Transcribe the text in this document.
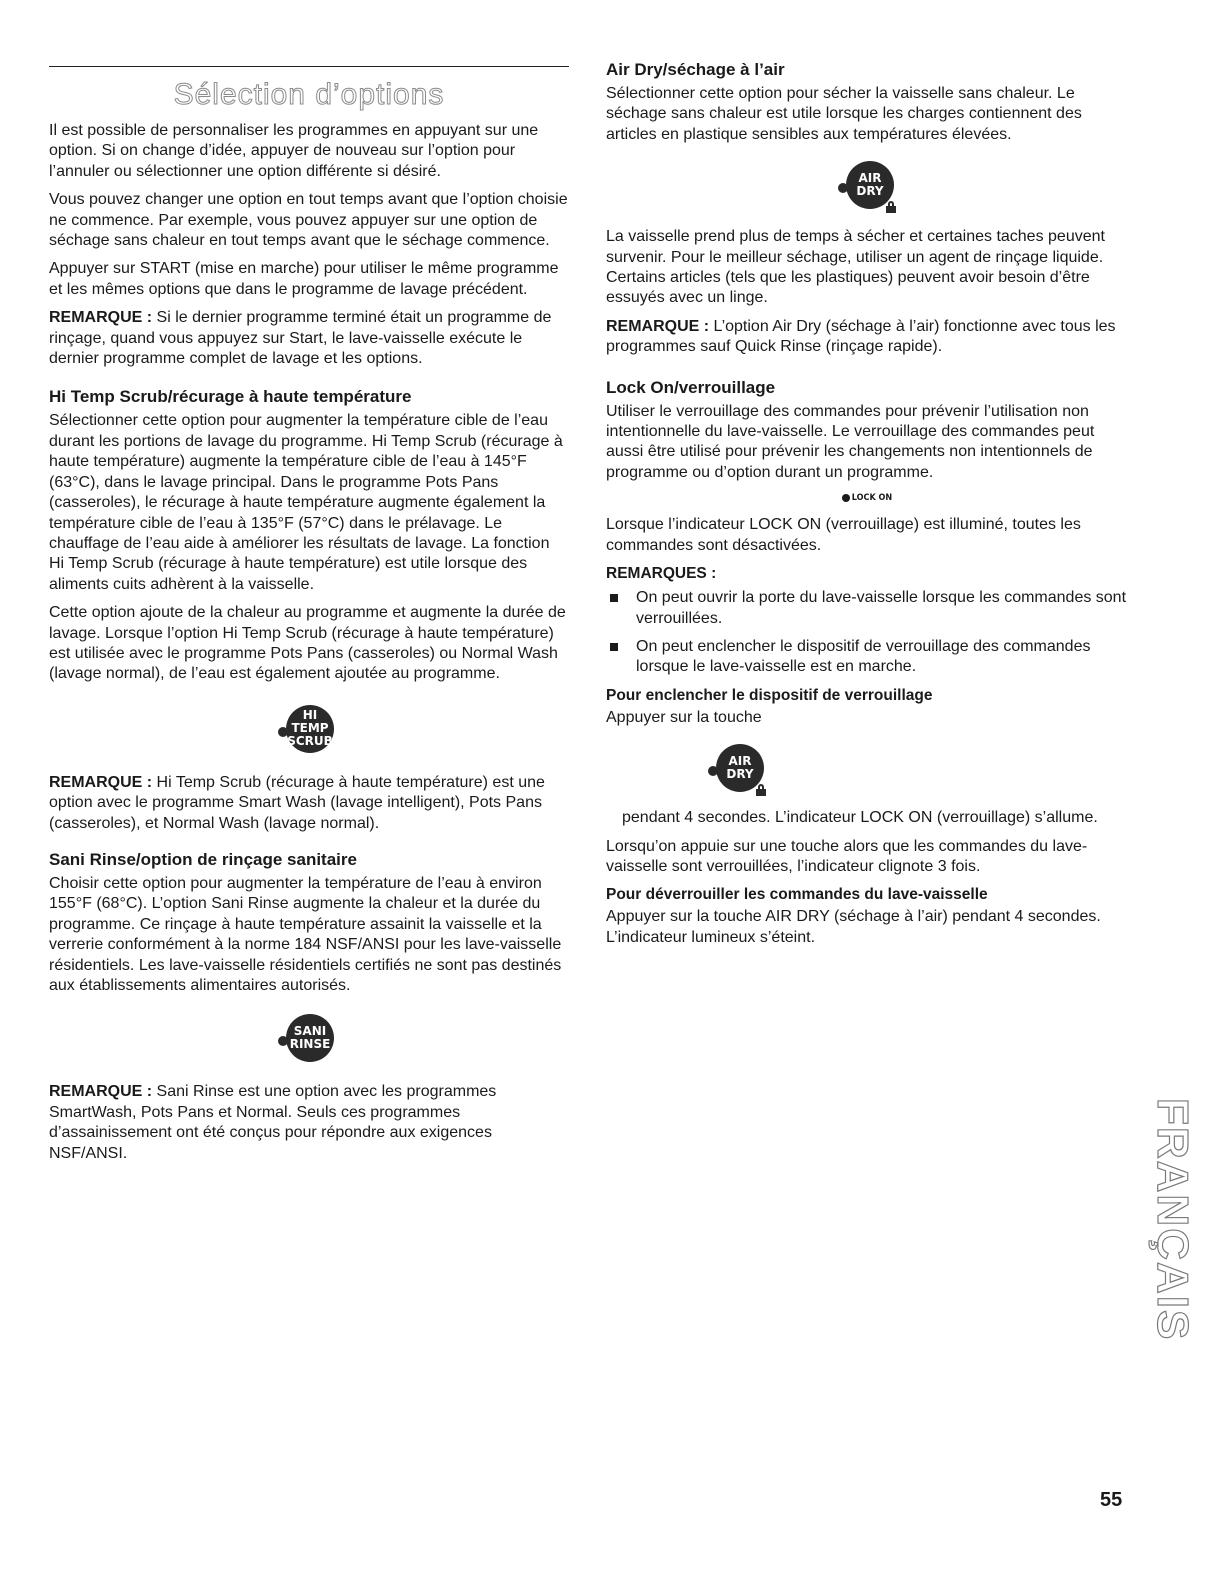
Sélection d’options

Il est possible de personnaliser les programmes en appuyant sur une option. Si on change d’idée, appuyer de nouveau sur l’option pour l’annuler ou sélectionner une option différente si désiré.

Vous pouvez changer une option en tout temps avant que l’option choisie ne commence. Par exemple, vous pouvez appuyer sur une option de séchage sans chaleur en tout temps avant que le séchage commence.

Appuyer sur START (mise en marche) pour utiliser le même programme et les mêmes options que dans le programme de lavage précédent.

REMARQUE : Si le dernier programme terminé était un programme de rinçage, quand vous appuyez sur Start, le lave-vaisselle exécute le dernier programme complet de lavage et les options.

Hi Temp Scrub/récurage à haute température

Sélectionner cette option pour augmenter la température cible de l’eau durant les portions de lavage du programme. Hi Temp Scrub (récurage à haute température) augmente la température cible de l’eau à 145°F (63°C), dans le lavage principal. Dans le programme Pots Pans (casseroles), le récurage à haute température augmente également la température cible de l’eau à 135°F (57°C) dans le prélavage. Le chauffage de l’eau aide à améliorer les résultats de lavage. La fonction Hi Temp Scrub (récurage à haute température) est utile lorsque des aliments cuits adhèrent à la vaisselle.

Cette option ajoute de la chaleur au programme et augmente la durée de lavage. Lorsque l’option Hi Temp Scrub (récurage à haute température) est utilisée avec le programme Pots Pans (casseroles) ou Normal Wash (lavage normal), de l’eau est également ajoutée au programme.

HI TEMP
SCRUB

REMARQUE : Hi Temp Scrub (récurage à haute température) est une option avec le programme Smart Wash (lavage intelligent), Pots Pans (casseroles), et Normal Wash (lavage normal).

Sani Rinse/option de rinçage sanitaire

Choisir cette option pour augmenter la température de l’eau à environ 155°F (68°C). L’option Sani Rinse augmente la chaleur et la durée du programme. Ce rinçage à haute température assainit la vaisselle et la verrerie conformément à la norme 184 NSF/ANSI pour les lave-vaisselle résidentiels. Les lave-vaisselle résidentiels certifiés ne sont pas destinés aux établissements alimentaires autorisés.

SANI
RINSE

REMARQUE : Sani Rinse est une option avec les programmes SmartWash, Pots Pans et Normal. Seuls ces programmes d’assainissement ont été conçus pour répondre aux exigences NSF/ANSI.

Air Dry/séchage à l’air

Sélectionner cette option pour sécher la vaisselle sans chaleur. Le séchage sans chaleur est utile lorsque les charges contiennent des articles en plastique sensibles aux températures élevées.

AIR
DRY

La vaisselle prend plus de temps à sécher et certaines taches peuvent survenir. Pour le meilleur séchage, utiliser un agent de rinçage liquide. Certains articles (tels que les plastiques) peuvent avoir besoin d’être essuyés avec un linge.

REMARQUE : L’option Air Dry (séchage à l’air) fonctionne avec tous les programmes sauf Quick Rinse (rinçage rapide).

Lock On/verrouillage

Utiliser le verrouillage des commandes pour prévenir l’utilisation non intentionnelle du lave-vaisselle. Le verrouillage des commandes peut aussi être utilisé pour prévenir les changements non intentionnels de programme ou d’option durant un programme.

LOCK ON

Lorsque l’indicateur LOCK ON (verrouillage) est illuminé, toutes les commandes sont désactivées.

REMARQUES :
On peut ouvrir la porte du lave-vaisselle lorsque les commandes sont verrouillées.
On peut enclencher le dispositif de verrouillage des commandes lorsque le lave-vaisselle est en marche.
Pour enclencher le dispositif de verrouillage

Appuyer sur la touche

AIR
DRY

pendant 4 secondes. L’indicateur LOCK ON (verrouillage) s’allume.

Lorsqu’on appuie sur une touche alors que les commandes du lave-vaisselle sont verrouillées, l’indicateur clignote 3 fois.

Pour déverrouiller les commandes du lave-vaisselle

Appuyer sur la touche AIR DRY (séchage à l’air) pendant 4 secondes. L’indicateur lumineux s’éteint.

FRANÇAIS
55
